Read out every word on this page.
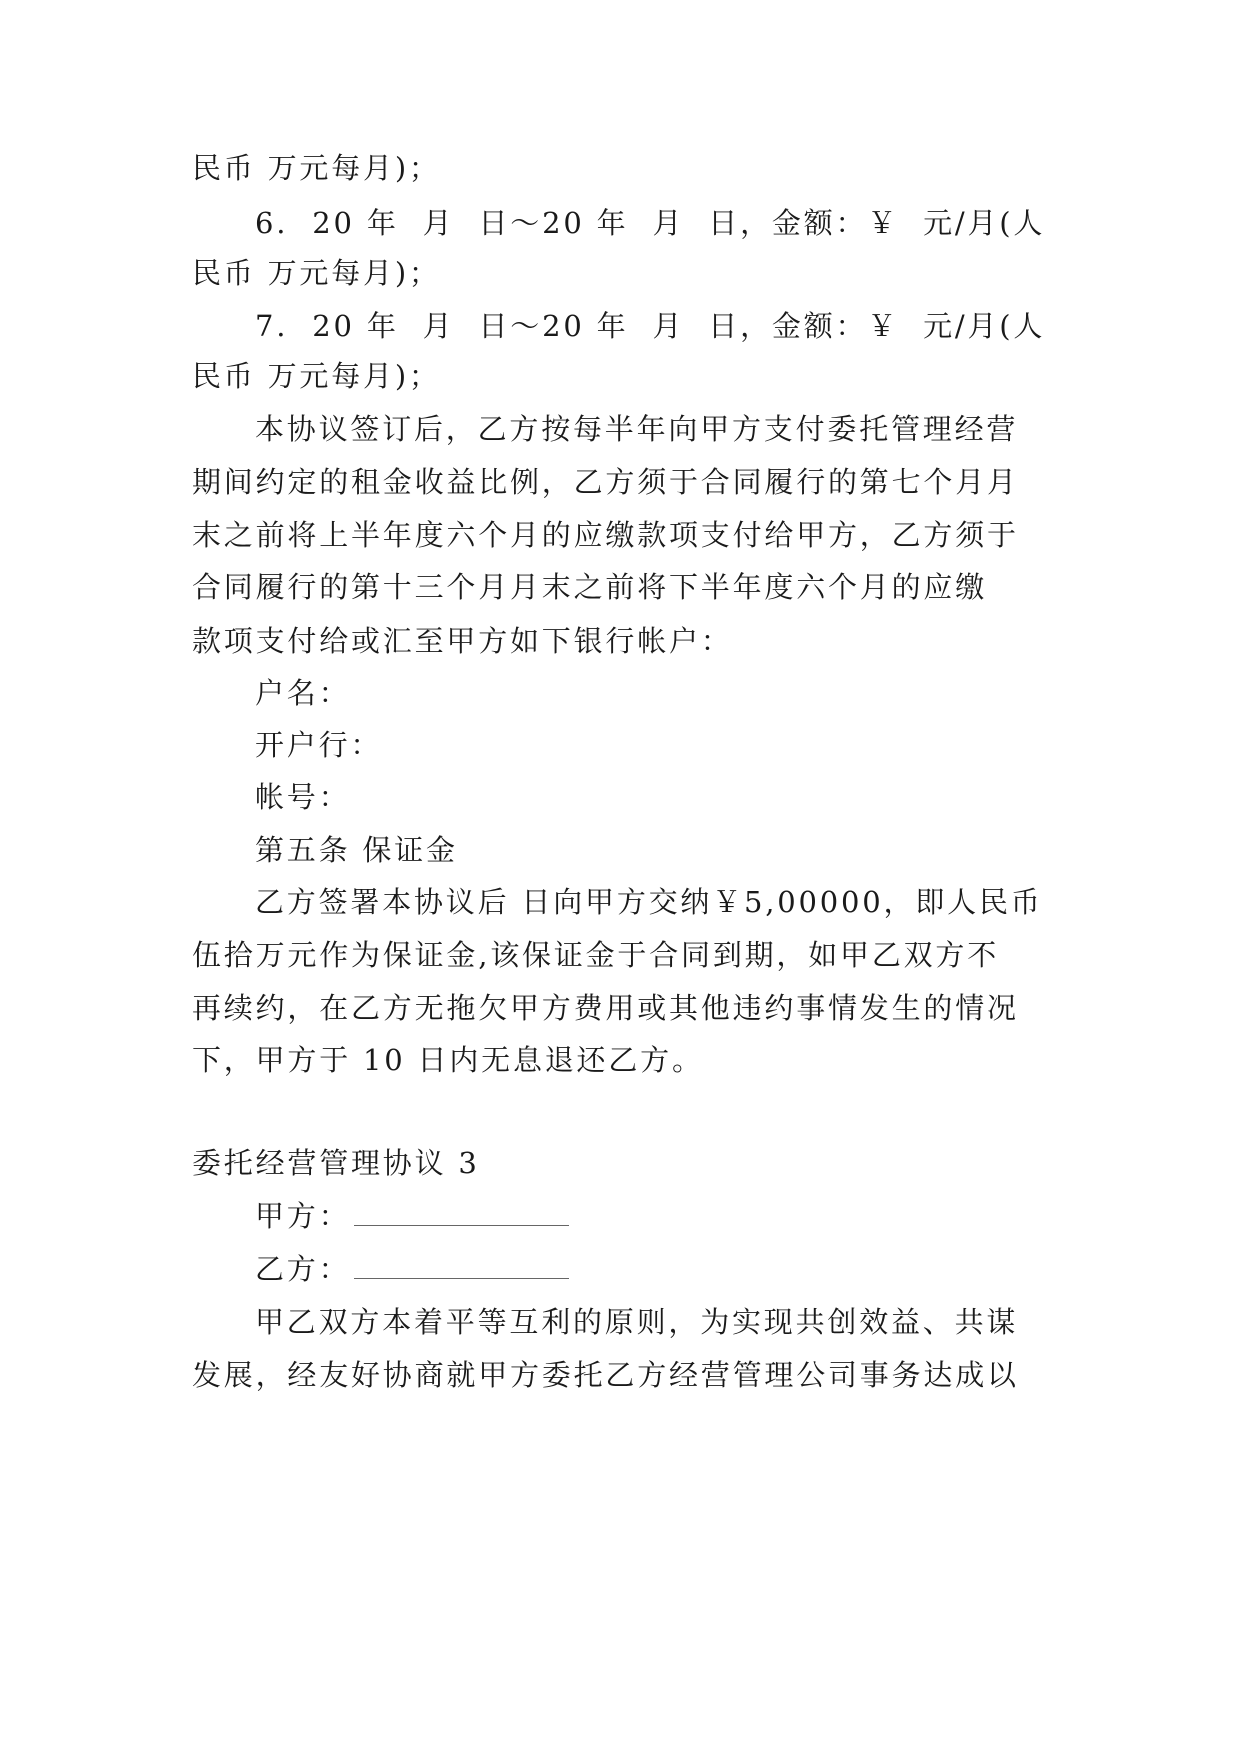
民币 万元每月)；
6.  20 年  月  日～20 年  月  日，金额：￥  元/月(人
民币 万元每月)；
7.  20 年  月  日～20 年  月  日，金额：￥  元/月(人
民币 万元每月)；
本协议签订后，乙方按每半年向甲方支付委托管理经营
期间约定的租金收益比例，乙方须于合同履行的第七个月月
末之前将上半年度六个月的应缴款项支付给甲方，乙方须于
合同履行的第十三个月月末之前将下半年度六个月的应缴
款项支付给或汇至甲方如下银行帐户：
户名：
开户行：
帐号：
第五条 保证金
乙方签署本协议后 日向甲方交纳￥5,00000，即人民币
伍拾万元作为保证金,该保证金于合同到期，如甲乙双方不
再续约，在乙方无拖欠甲方费用或其他违约事情发生的情况
下，甲方于 10 日内无息退还乙方。
委托经营管理协议 3
甲方：
乙方：
甲乙双方本着平等互利的原则，为实现共创效益、共谋
发展，经友好协商就甲方委托乙方经营管理公司事务达成以
